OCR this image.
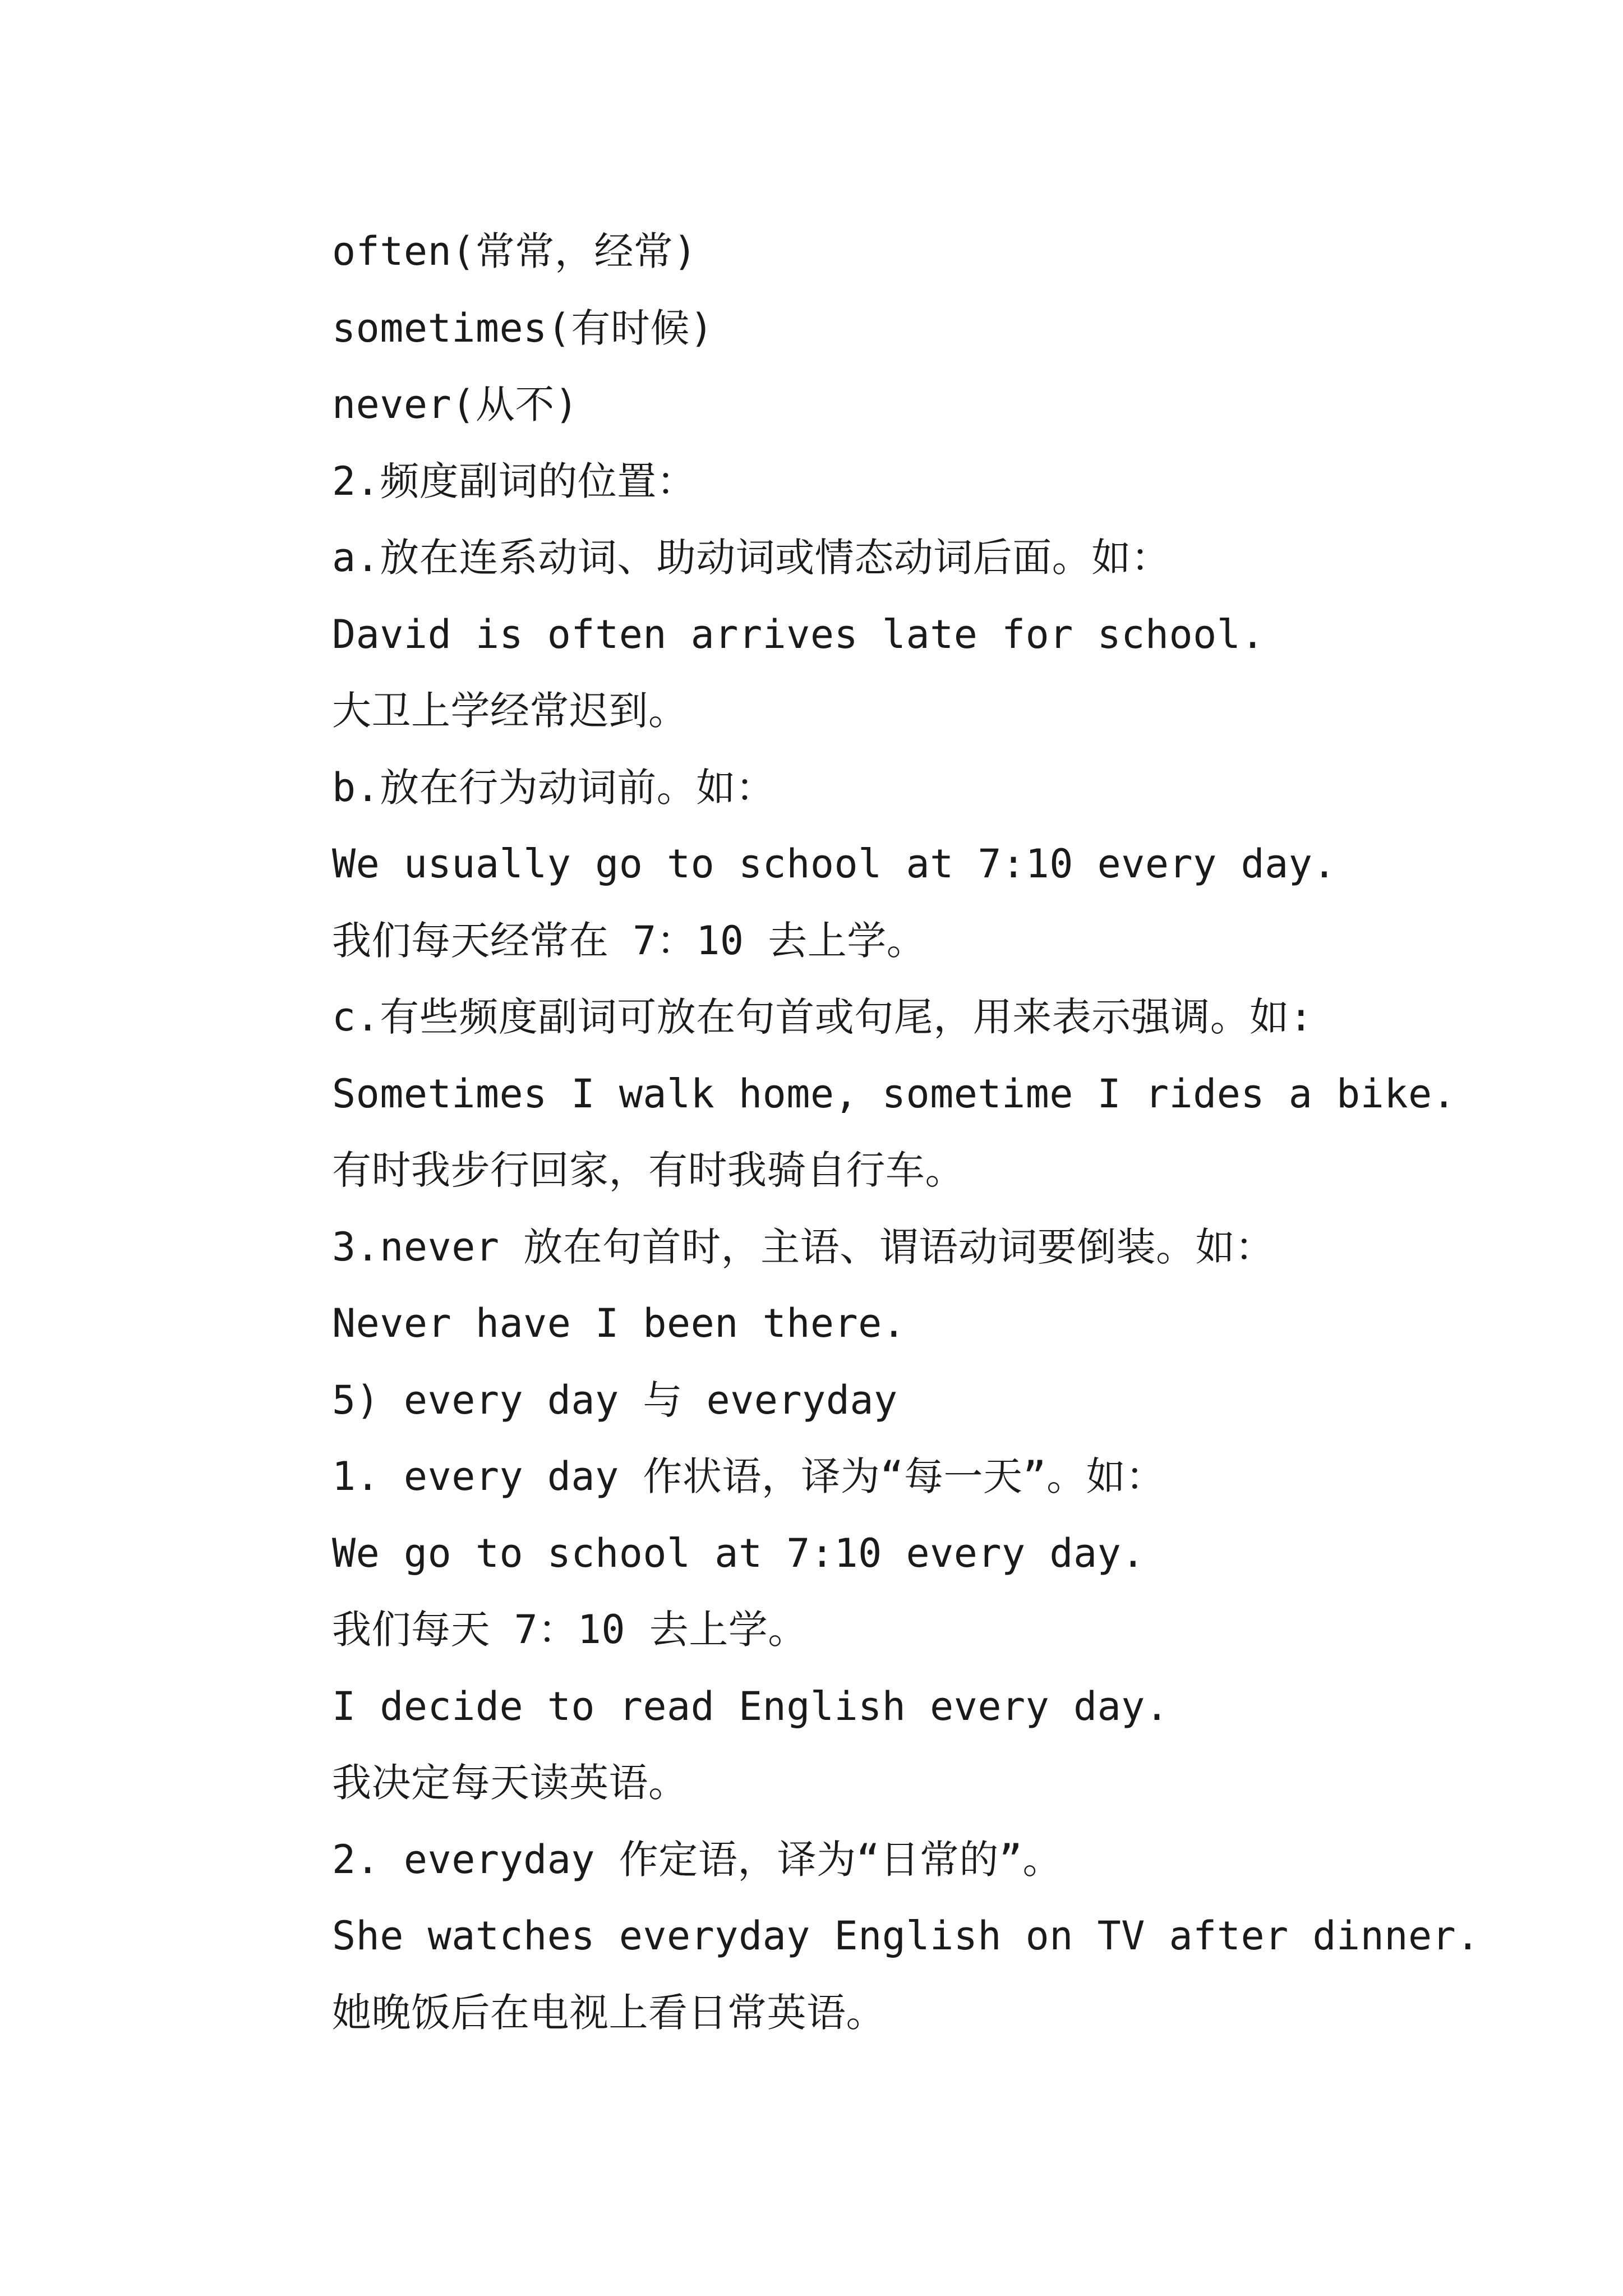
often(常常，经常)
sometimes(有时候)
never(从不)
2.频度副词的位置：
a.放在连系动词、助动词或情态动词后面。如：
David is often arrives late for school.
大卫上学经常迟到。
b.放在行为动词前。如：
We usually go to school at 7:10 every day.
我们每天经常在 7：10 去上学。
c.有些频度副词可放在句首或句尾，用来表示强调。如:
Sometimes I walk home, sometime I rides a bike.
有时我步行回家，有时我骑自行车。
3.never 放在句首时，主语、谓语动词要倒装。如：
Never have I been there.
5) every day 与 everyday
1. every day 作状语，译为“每一天”。如：
We go to school at 7:10 every day.
我们每天 7：10 去上学。
I decide to read English every day.
我决定每天读英语。
2. everyday 作定语，译为“日常的”。
She watches everyday English on TV after dinner.
她晚饭后在电视上看日常英语。
